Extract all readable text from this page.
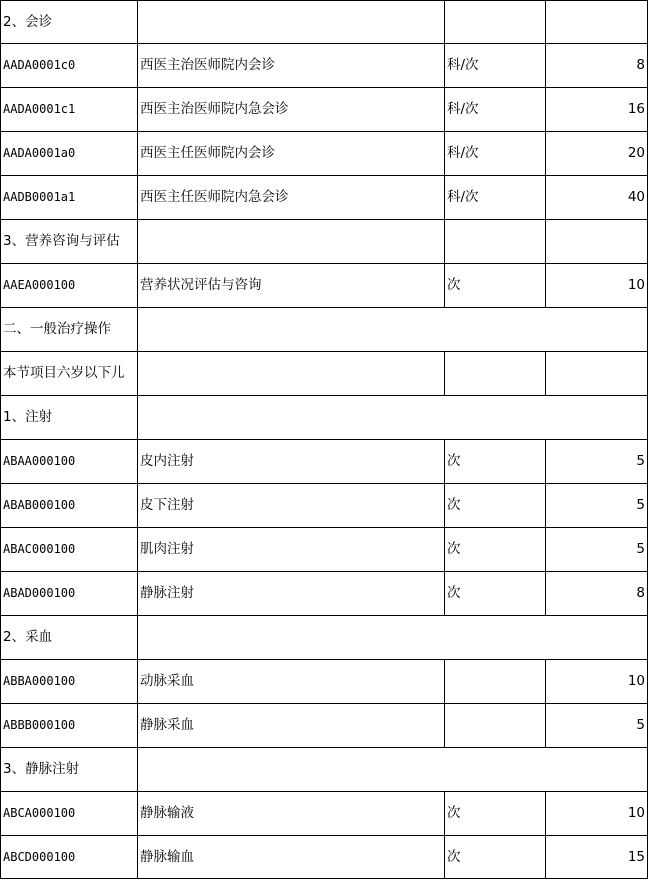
2、会诊			
AADA0001c0	西医主治医师院内会诊	科/次	8
AADA0001c1	西医主治医师院内急会诊	科/次	16
AADA0001a0	西医主任医师院内会诊	科/次	20
AADB0001a1	西医主任医师院内急会诊	科/次	40
3、营养咨询与评估			
AAEA000100	营养状况评估与咨询	次	10
二、一般治疗操作			
本节项目六岁以下儿			
1、注射			
ABAA000100	皮内注射	次	5
ABAB000100	皮下注射	次	5
ABAC000100	肌肉注射	次	5
ABAD000100	静脉注射	次	8
2、采血			
ABBA000100	动脉采血		10
ABBB000100	静脉采血		5
3、静脉注射			
ABCA000100	静脉输液	次	10
ABCD000100	静脉输血	次	15
